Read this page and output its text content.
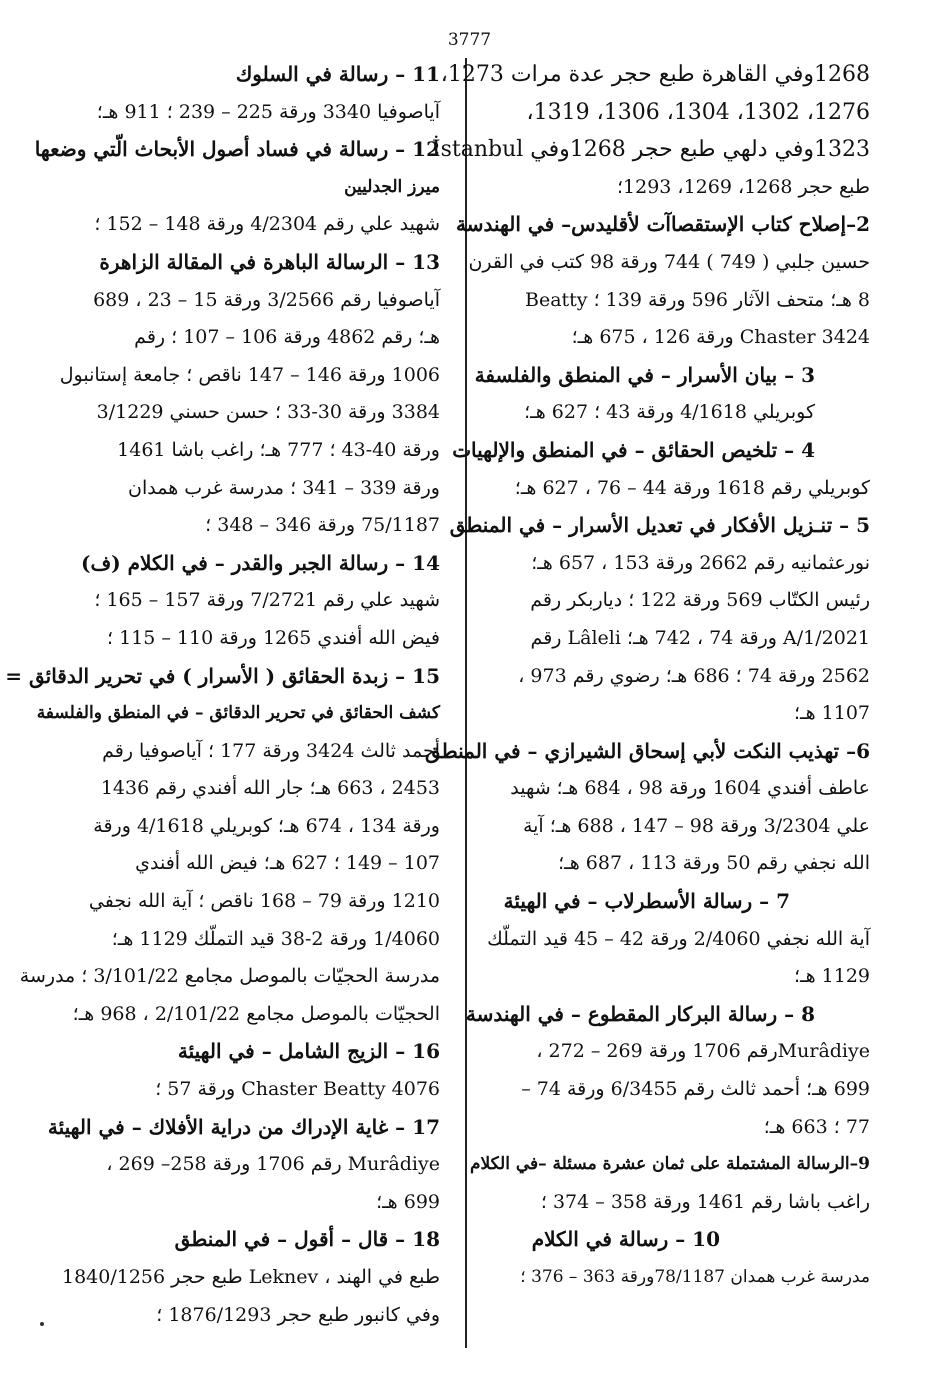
3777
1268وفي القاهرة طبع حجر عدة مرات 1273،
1276، 1302، 1304، 1306، 1319،
1323وفي دلهي طبع حجر 1268وفي İstanbul
طبع حجر 1268، 1269، 1293؛
2–إصلاح كتاب الإستقصاآت لأقليدس– في الهندسة
حسين جلبي ( 749 ) 744 ورقة 98 كتب في القرن
8 هـ؛ متحف الآثار 596 ورقة 139 ؛ Beatty
3424 Chaster ورقة 126 ، 675 هـ؛
3 – بيان الأسرار – في المنطق والفلسفة
كوبريلي 4/1618 ورقة 43 ؛ 627 هـ؛
4 – تلخيص الحقائق – في المنطق والإلهيات
كوبريلي رقم 1618 ورقة 44 – 76 ، 627 هـ؛
5 – تنـزيل الأفكار في تعديل الأسرار – في المنطق
نورعثمانيه رقم 2662 ورقة 153 ، 657 هـ؛
رئيس الكتّاب 569 ورقة 122 ؛ دياربكر رقم
1/2021/A ورقة 74 ، 742 هـ؛ Lâleli رقم
2562 ورقة 74 ؛ 686 هـ؛ رضوي رقم 973 ،
1107 هـ؛
6– تهذيب النكت لأبي إسحاق الشيرازي – في المنطق
عاطف أفندي 1604 ورقة 98 ، 684 هـ؛ شهيد
علي 3/2304 ورقة 98 – 147 ، 688 هـ؛ آية
الله نجفي رقم 50 ورقة 113 ، 687 هـ؛
7 – رسالة الأسطرلاب – في الهيئة
آية الله نجفي 2/4060 ورقة 42 – 45 قيد التملّك
1129 هـ؛
8 – رسالة البركار المقطوع – في الهندسة
Murâdiyeرقم 1706 ورقة 269 – 272 ،
699 هـ؛ أحمد ثالث رقم 6/3455 ورقة 74 –
77 ؛ 663 هـ؛
9–الرسالة المشتملة على ثمان عشرة مسئلة –في الكلام
راغب باشا رقم 1461 ورقة 358 – 374 ؛
10 – رسالة في الكلام
مدرسة غرب همدان 78/1187ورقة 363 – 376 ؛
11 – رسالة في السلوك
آياصوفيا 3340 ورقة 225 – 239 ؛ 911 هـ؛
12 – رسالة في فساد أصول الأبحاث الّتي وضعها
ميرز الجدليين
شهيد علي رقم 4/2304 ورقة 148 – 152 ؛
13 – الرسالة الباهرة في المقالة الزاهرة
آياصوفيا رقم 3/2566 ورقة 15 – 23 ، 689
هـ؛ رقم 4862 ورقة 106 – 107 ؛ رقم
1006 ورقة 146 – 147 ناقص ؛ جامعة إستانبول
3384 ورقة 30-33 ؛ حسن حسني 3/1229
ورقة 40-43 ؛ 777 هـ؛ راغب باشا 1461
ورقة 339 – 341 ؛ مدرسة غرب همدان
75/1187 ورقة 346 – 348 ؛
14 – رسالة الجبر والقدر – في الكلام (ف)
شهيد علي رقم 7/2721 ورقة 157 – 165 ؛
فيض الله أفندي 1265 ورقة 110 – 115 ؛
15 – زبدة الحقائق ( الأسرار ) في تحرير الدقائق =
كشف الحقائق في تحرير الدقائق – في المنطق والفلسفة
أحمد ثالث 3424 ورقة 177 ؛ آياصوفيا رقم
2453 ، 663 هـ؛ جار الله أفندي رقم 1436
ورقة 134 ، 674 هـ؛ كوبريلي 4/1618 ورقة
107 – 149 ؛ 627 هـ؛ فيض الله أفندي
1210 ورقة 79 – 168 ناقص ؛ آية الله نجفي
1/4060 ورقة 2-38 قيد التملّك 1129 هـ؛
مدرسة الحجيّات بالموصل مجامع 3/101/22 ؛ مدرسة
الحجيّات بالموصل مجامع 2/101/22 ، 968 هـ؛
16 – الزيج الشامل – في الهيئة
4076 Chaster Beatty ورقة 57 ؛
17 – غاية الإدراك من دراية الأفلاك – في الهيئة
Murâdiye رقم 1706 ورقة 258– 269 ،
699 هـ؛
18 – قال – أقول – في المنطق
طبع في الهند ، Leknev طبع حجر 1840/1256
وفي كانبور طبع حجر 1876/1293 ؛
